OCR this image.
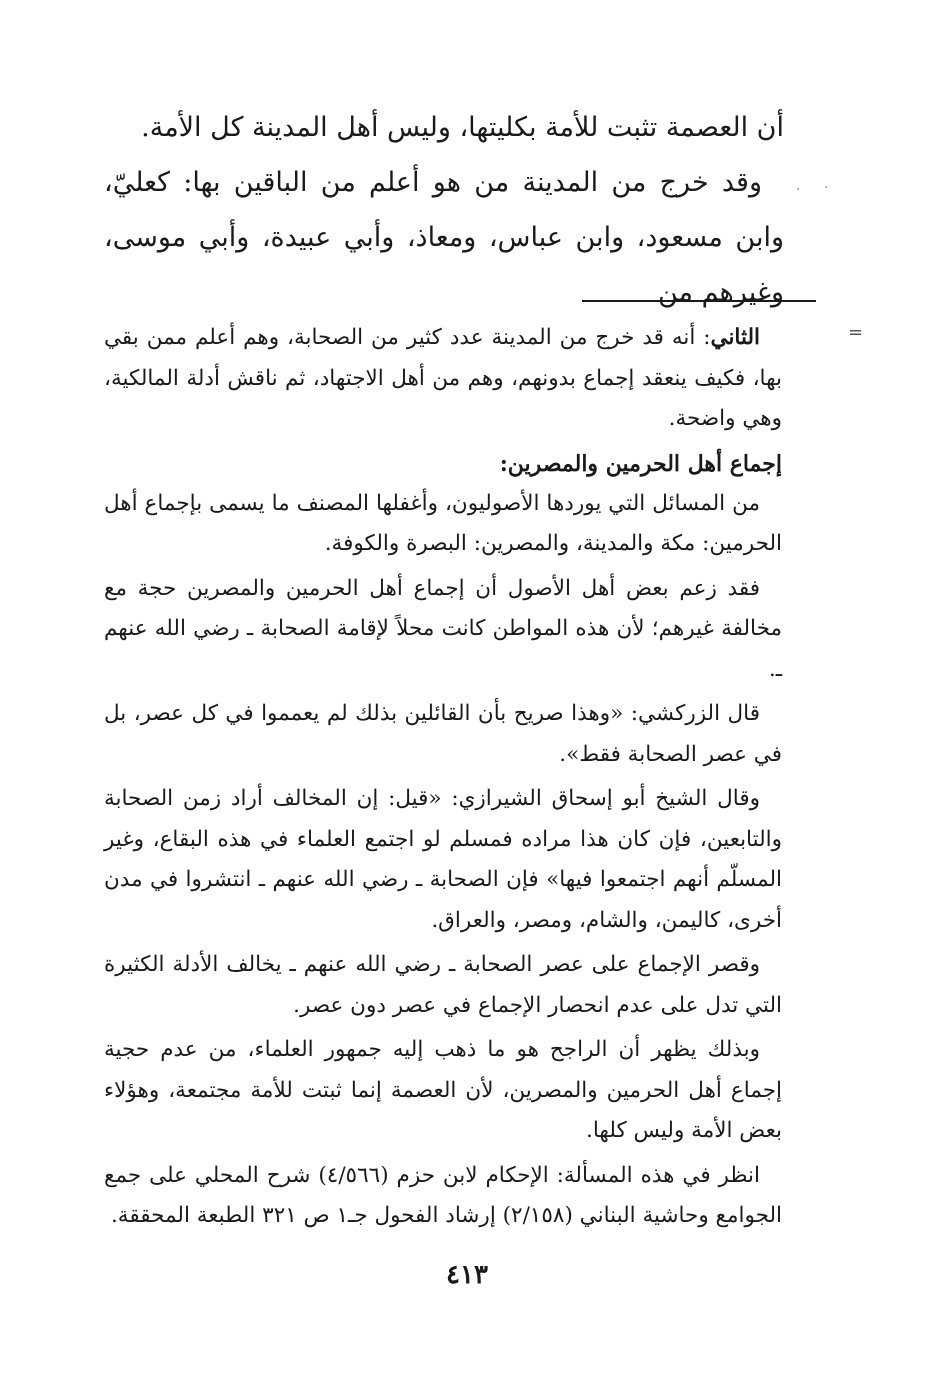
·
·

أن العصمة تثبت للأمة بكليتها، وليس أهل المدينة كل الأمة.

وقد خرج من المدينة من هو أعلم من الباقين بها: كعليّ، وابن مسعود، وابن عباس، ومعاذ، وأبي عبيدة، وأبي موسى، وغيرهم من

=

الثاني: أنه قد خرج من المدينة عدد كثير من الصحابة، وهم أعلم ممن بقي بها، فكيف ينعقد إجماع بدونهم، وهم من أهل الاجتهاد، ثم ناقش أدلة المالكية، وهي واضحة.

إجماع أهل الحرمين والمصرين:

من المسائل التي يوردها الأصوليون، وأغفلها المصنف ما يسمى بإجماع أهل الحرمين: مكة والمدينة، والمصرين: البصرة والكوفة.

فقد زعم بعض أهل الأصول أن إجماع أهل الحرمين والمصرين حجة مع مخالفة غيرهم؛ لأن هذه المواطن كانت محلاً لإقامة الصحابة ـ رضي الله عنهم ـ.

قال الزركشي: «وهذا صريح بأن القائلين بذلك لم يعمموا في كل عصر، بل في عصر الصحابة فقط».

وقال الشيخ أبو إسحاق الشيرازي: «قيل: إن المخالف أراد زمن الصحابة والتابعين، فإن كان هذا مراده فمسلم لو اجتمع العلماء في هذه البقاع، وغير المسلّم أنهم اجتمعوا فيها» فإن الصحابة ـ رضي الله عنهم ـ انتشروا في مدن أخرى، كاليمن، والشام، ومصر، والعراق.

وقصر الإجماع على عصر الصحابة ـ رضي الله عنهم ـ يخالف الأدلة الكثيرة التي تدل على عدم انحصار الإجماع في عصر دون عصر.

وبذلك يظهر أن الراجح هو ما ذهب إليه جمهور العلماء، من عدم حجية إجماع أهل الحرمين والمصرين، لأن العصمة إنما ثبتت للأمة مجتمعة، وهؤلاء بعض الأمة وليس كلها.

انظر في هذه المسألة: الإحكام لابن حزم (٤/٥٦٦) شرح المحلي على جمع الجوامع وحاشية البناني (٢/١٥٨) إرشاد الفحول جـ١ ص ٣٢١ الطبعة المحققة.

٤١٣
